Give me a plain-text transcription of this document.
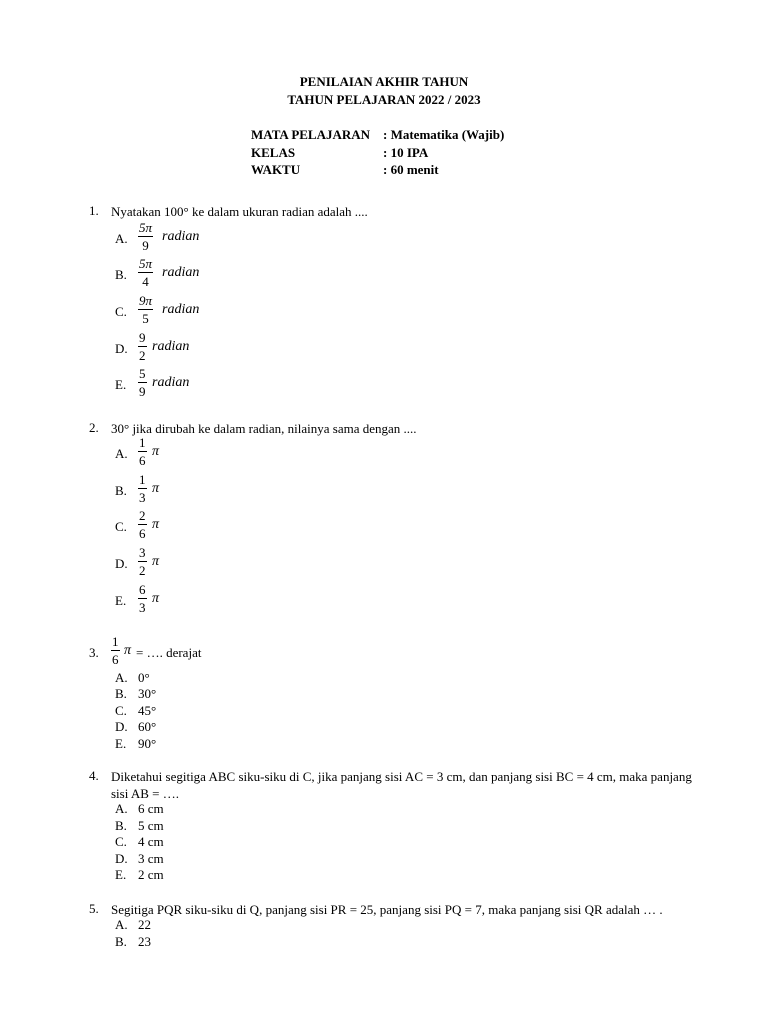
PENILAIAN AKHIR TAHUN
TAHUN PELAJARAN 2022 / 2023
MATA PELAJARAN : Matematika (Wajib)
KELAS	: 10 IPA
WAKTU	: 60 menit
1. Nyatakan 100° ke dalam ukuran radian adalah ....
A. $\frac{5\pi}{9}$ radian
B. $\frac{5\pi}{4}$ radian
C. $\frac{9\pi}{5}$ radian
D. $\frac{9}{2}$ radian
E. $\frac{5}{9}$ radian
2. 30° jika dirubah ke dalam radian, nilainya sama dengan ....
A. $\frac{1}{6}$ π
B. $\frac{1}{3}$ π
C. $\frac{2}{6}$ π
D. $\frac{3}{2}$ π
E. $\frac{6}{3}$ π
3. $\frac{1}{6}$ π = …. derajat
A. 0°
B. 30°
C. 45°
D. 60°
E. 90°
4. Diketahui segitiga ABC siku-siku di C, jika panjang sisi AC = 3 cm, dan panjang sisi BC = 4 cm, maka panjang sisi AB = ….
A. 6 cm
B. 5 cm
C. 4 cm
D. 3 cm
E. 2 cm
5. Segitiga PQR siku-siku di Q, panjang sisi PR = 25, panjang sisi PQ = 7, maka panjang sisi QR adalah … .
A. 22
B. 23
